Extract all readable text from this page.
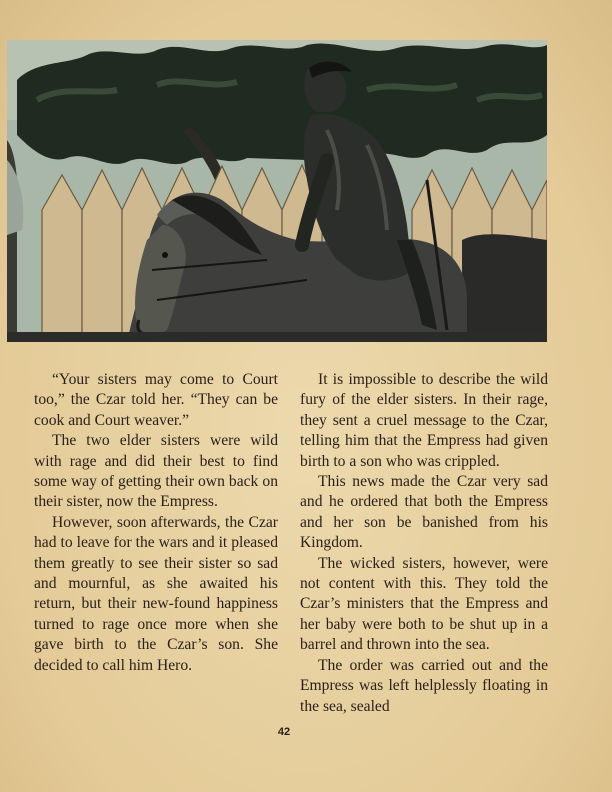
“Your sisters may come to Court too,” the Czar told her. “They can be cook and Court weaver.”

The two elder sisters were wild with rage and did their best to find some way of getting their own back on their sister, now the Empress.

However, soon afterwards, the Czar had to leave for the wars and it pleased them greatly to see their sister so sad and mournful, as she awaited his return, but their new-found happiness turned to rage once more when she gave birth to the Czar’s son. She decided to call him Hero.

It is impossible to describe the wild fury of the elder sisters. In their rage, they sent a cruel message to the Czar, telling him that the Empress had given birth to a son who was crippled.

This news made the Czar very sad and he ordered that both the Empress and her son be banished from his Kingdom.

The wicked sisters, however, were not content with this. They told the Czar’s ministers that the Empress and her baby were both to be shut up in a barrel and thrown into the sea.

The order was carried out and the Empress was left helplessly floating in the sea, sealed

42
